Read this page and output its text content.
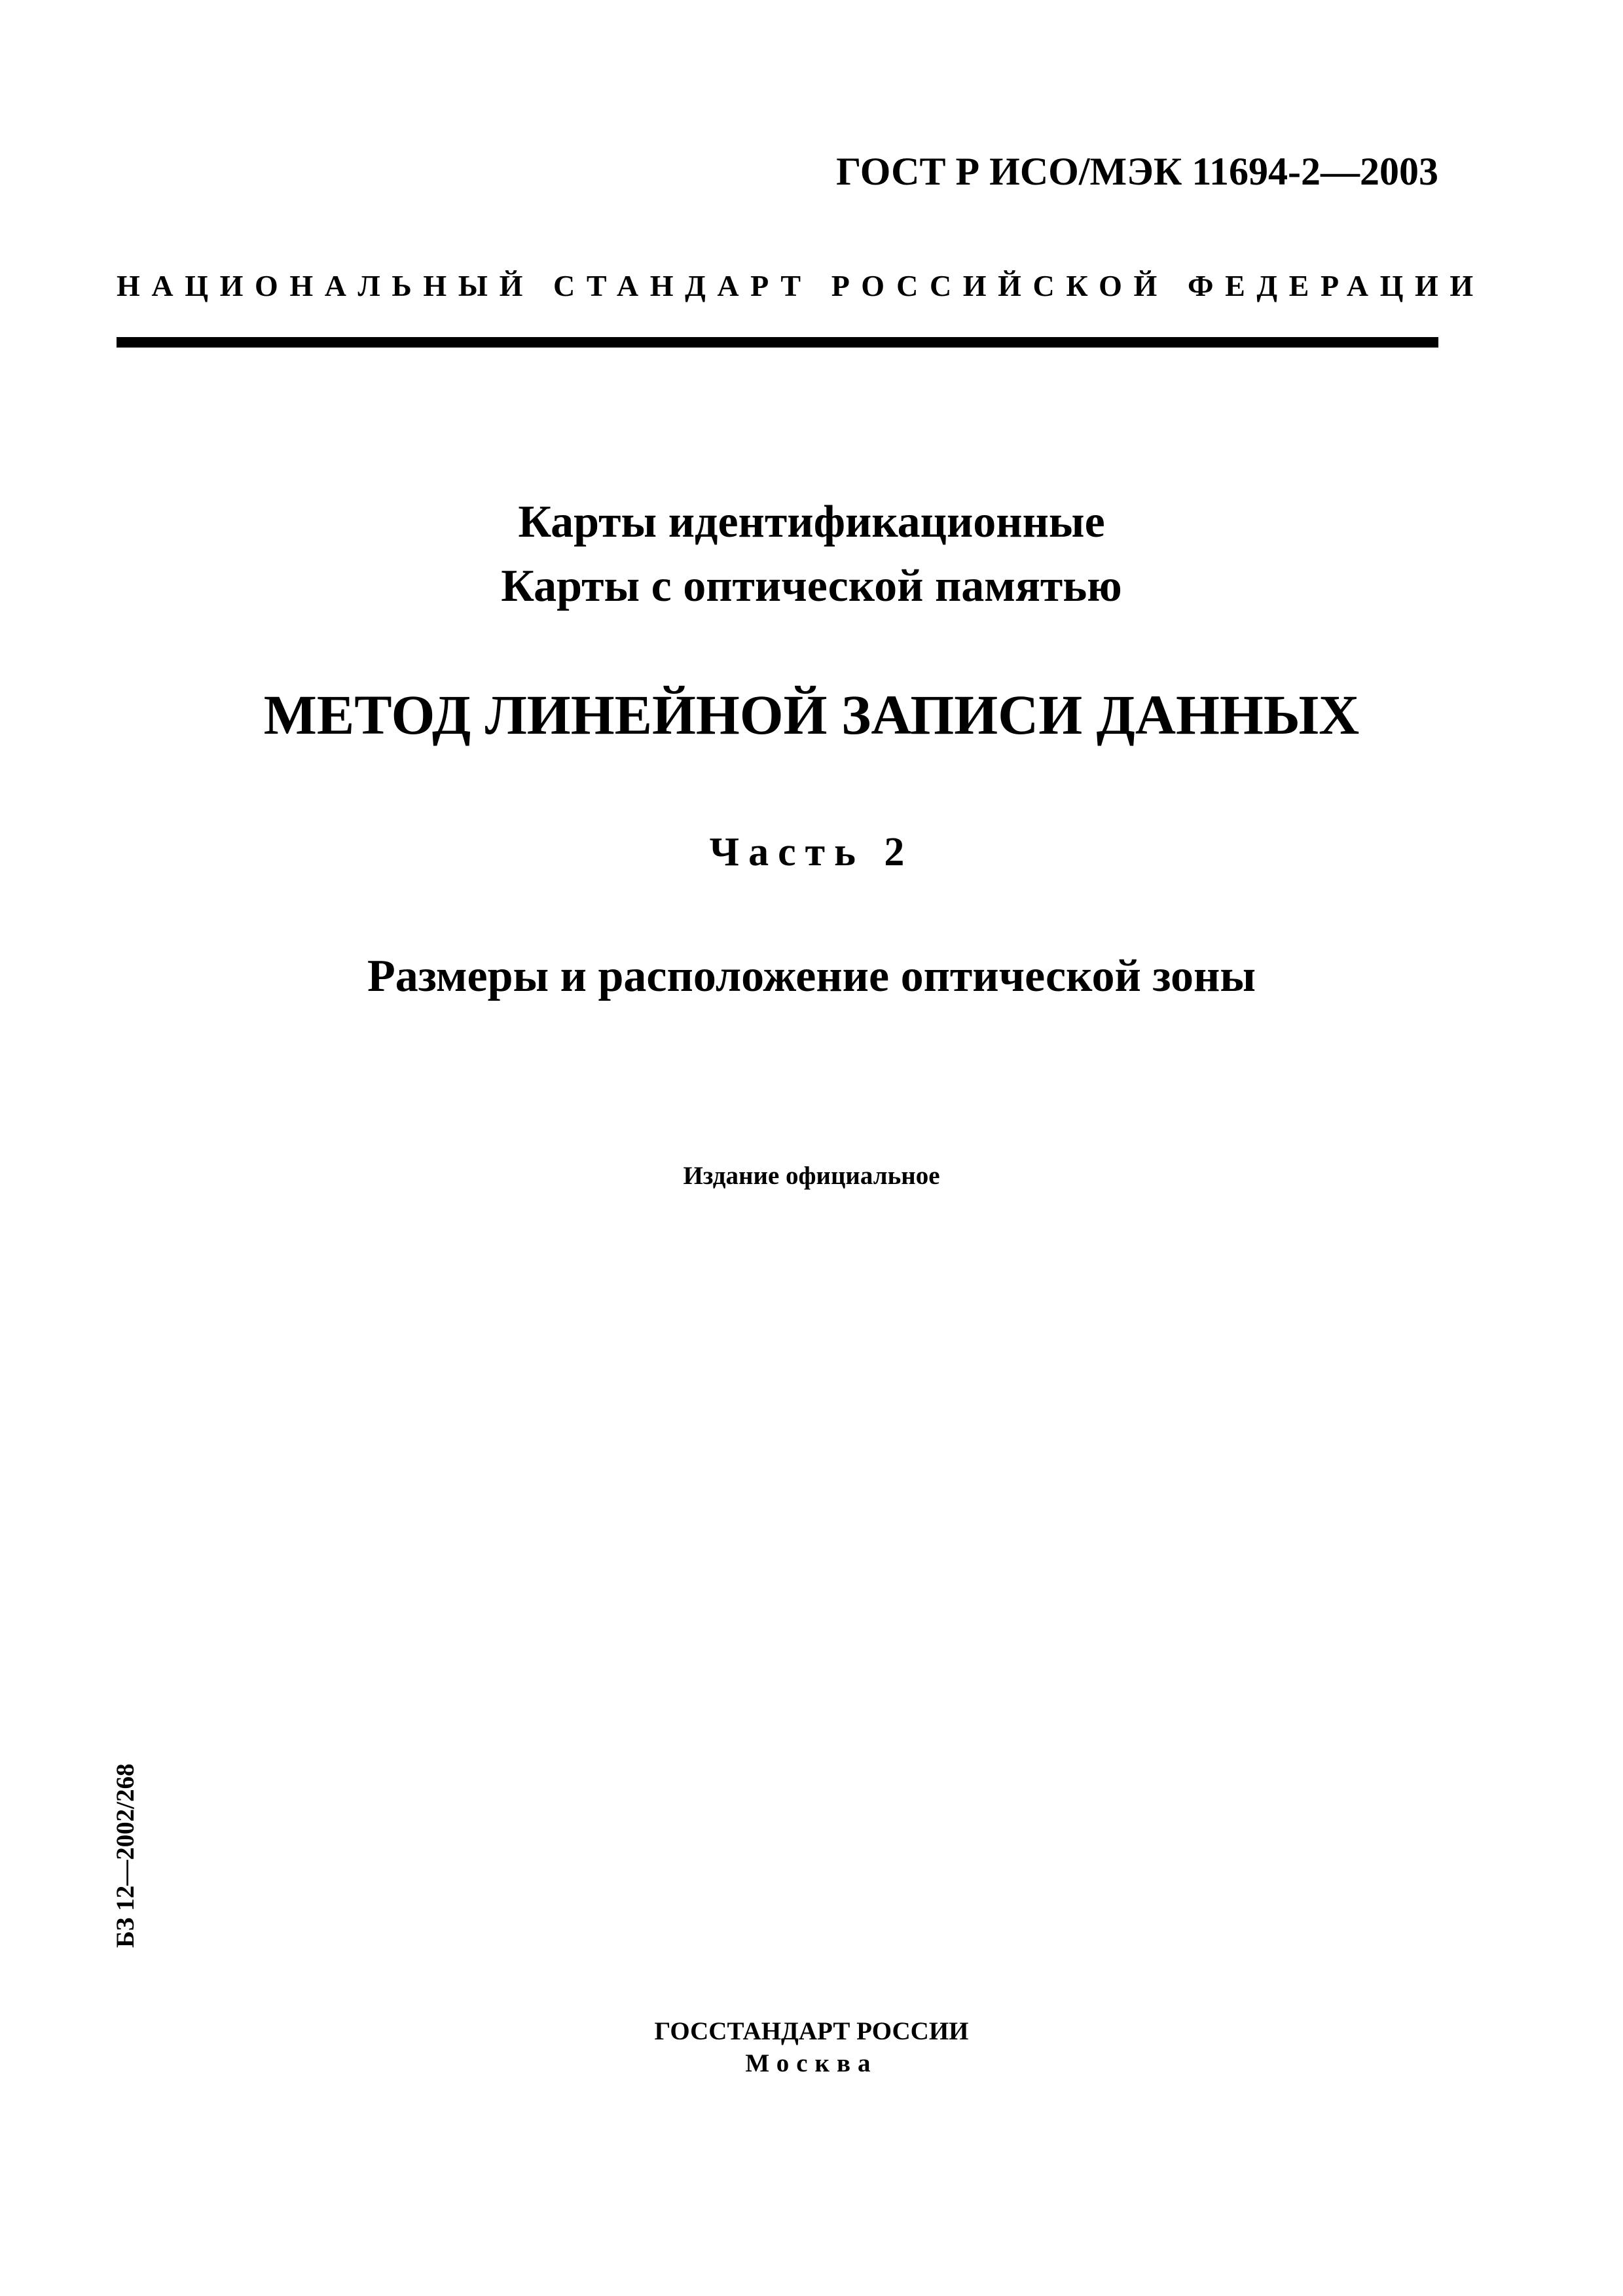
ГОСТ Р ИСО/МЭК 11694-2—2003
НАЦИОНАЛЬНЫЙ СТАНДАРТ РОССИЙСКОЙ ФЕДЕРАЦИИ
Карты идентификационные
Карты с оптической памятью
МЕТОД ЛИНЕЙНОЙ ЗАПИСИ ДАННЫХ
Часть 2
Размеры и расположение оптической зоны
Издание официальное
БЗ 12—2002/268
ГОССТАНДАРТ РОССИИ
Москва
